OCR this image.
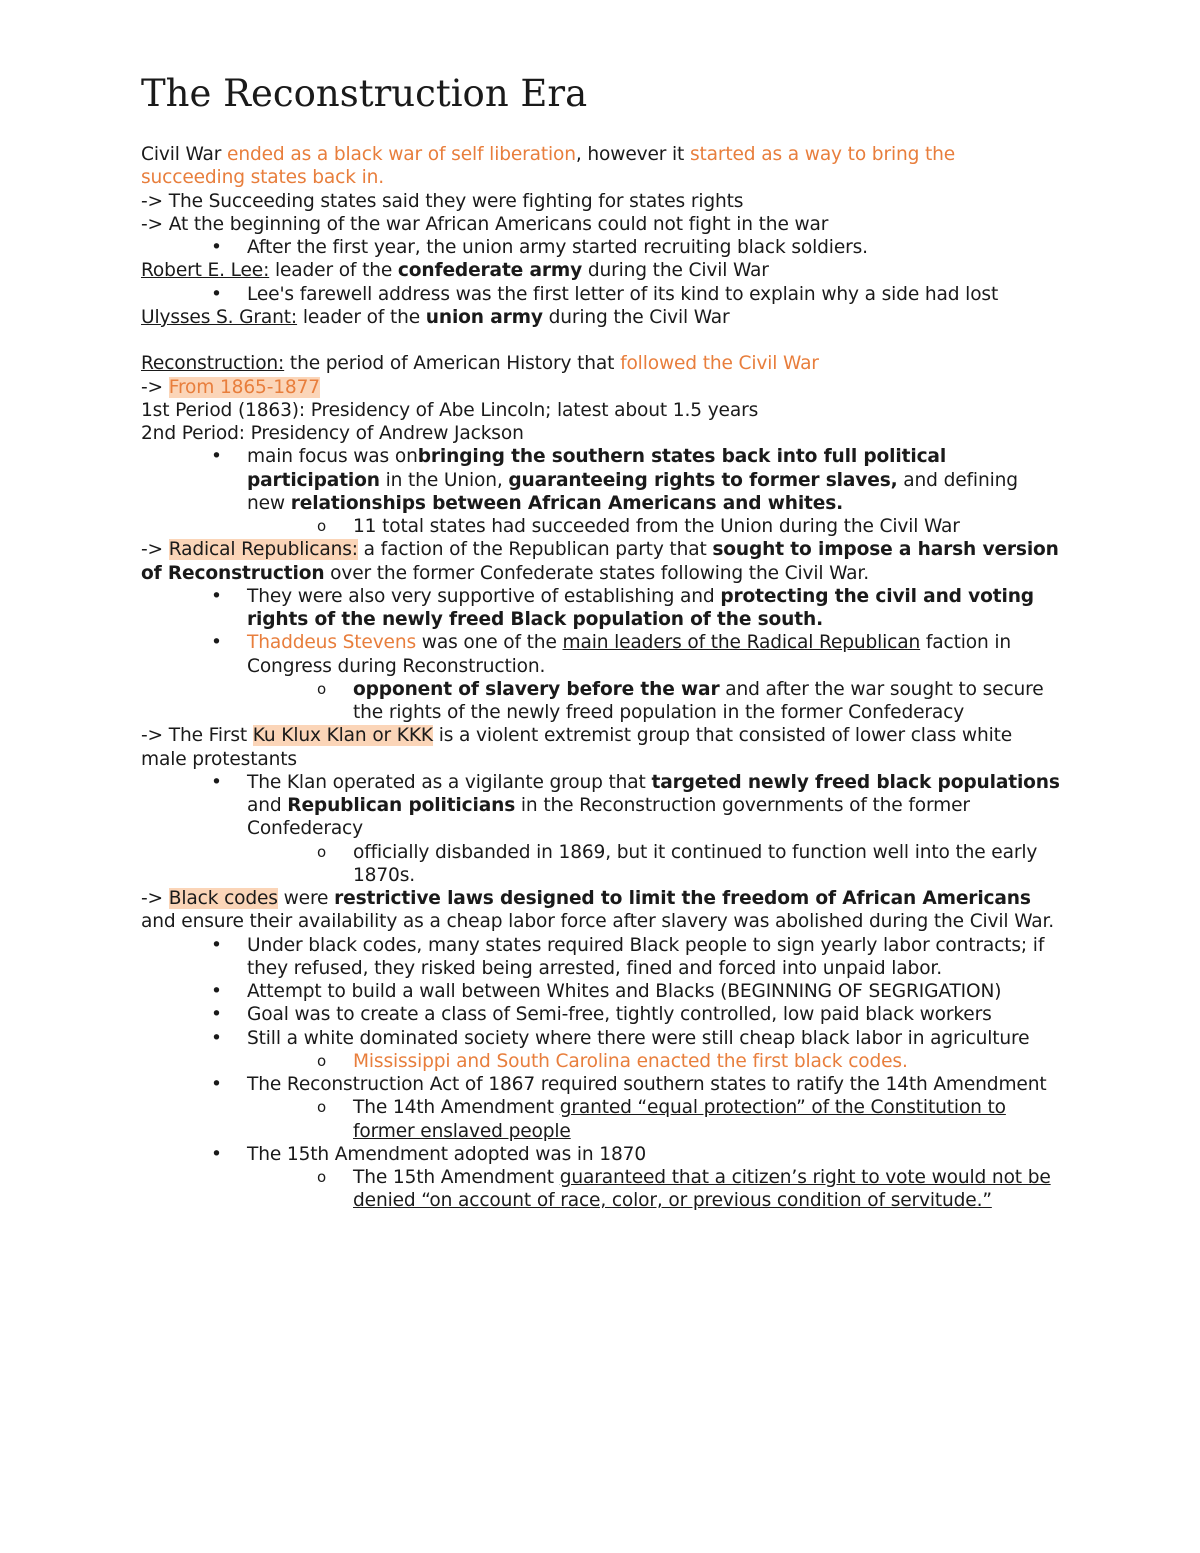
The Reconstruction Era

Civil War ended as a black war of self liberation, however it started as a way to bring the succeeding states back in.

-> The Succeeding states said they were fighting for states rights

-> At the beginning of the war African Americans could not fight in the war

• After the first year, the union army started recruiting black soldiers.

Robert E. Lee: leader of the confederate army during the Civil War

• Lee's farewell address was the first letter of its kind to explain why a side had lost

Ulysses S. Grant: leader of the union army during the Civil War

Reconstruction: the period of American History that followed the Civil War

-> From 1865-1877

1st Period (1863): Presidency of Abe Lincoln; latest about 1.5 years

2nd Period: Presidency of Andrew Jackson

• main focus was onbringing the southern states back into full political participation in the Union, guaranteeing rights to former slaves, and defining new relationships between African Americans and whites.

o 11 total states had succeeded from the Union during the Civil War

-> Radical Republicans: a faction of the Republican party that sought to impose a harsh version of Reconstruction over the former Confederate states following the Civil War.

• They were also very supportive of establishing and protecting the civil and voting rights of the newly freed Black population of the south.

• Thaddeus Stevens was one of the main leaders of the Radical Republican faction in Congress during Reconstruction.

o opponent of slavery before the war and after the war sought to secure the rights of the newly freed population in the former Confederacy

-> The First Ku Klux Klan or KKK is a violent extremist group that consisted of lower class white male protestants

• The Klan operated as a vigilante group that targeted newly freed black populations and Republican politicians in the Reconstruction governments of the former Confederacy

o officially disbanded in 1869, but it continued to function well into the early 1870s.

-> Black codes were restrictive laws designed to limit the freedom of African Americans and ensure their availability as a cheap labor force after slavery was abolished during the Civil War.

• Under black codes, many states required Black people to sign yearly labor contracts; if they refused, they risked being arrested, fined and forced into unpaid labor.

• Attempt to build a wall between Whites and Blacks (BEGINNING OF SEGRIGATION)

• Goal was to create a class of Semi-free, tightly controlled, low paid black workers

• Still a white dominated society where there were still cheap black labor in agriculture

o Mississippi and South Carolina enacted the first black codes.

• The Reconstruction Act of 1867 required southern states to ratify the 14th Amendment

o The 14th Amendment granted “equal protection” of the Constitution to former enslaved people

• The 15th Amendment adopted was in 1870

o The 15th Amendment guaranteed that a citizen’s right to vote would not be denied “on account of race, color, or previous condition of servitude.”
